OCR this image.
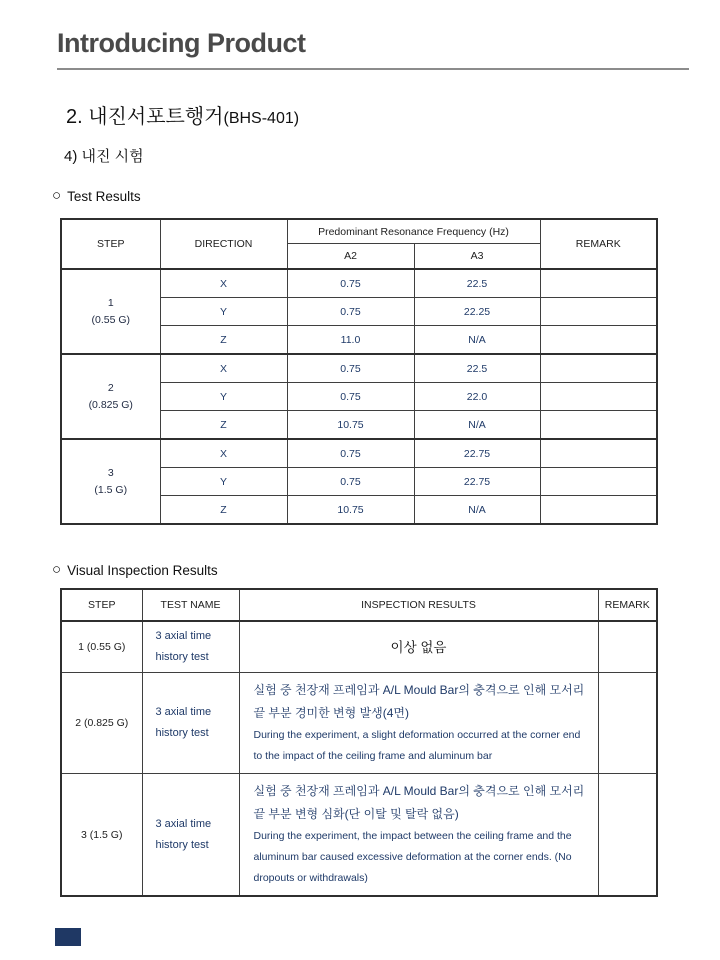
Introducing Product
2. 내진서포트행거(BHS-401)
4) 내진 시험
○ Test Results
STEP	DIRECTION	Predominant Resonance Frequency (Hz)		REMARK
		A2	A3	

1
(0.55 G)	X	0.75	22.5	
	Y	0.75	22.25	
	Z	11.0	N/A	

2
(0.825 G)	X	0.75	22.5	
	Y	0.75	22.0	
	Z	10.75	N/A	

3
(1.5 G)	X	0.75	22.75	
	Y	0.75	22.75	
	Z	10.75	N/A	
○ Visual Inspection Results
STEP	TEST NAME	INSPECTION RESULTS	REMARK
1 (0.55 G)	3 axial time history test	이상 없음	

2 (0.825 G)	3 axial time history test	실험 중 천장재 프레임과 A/L Mould Bar의 충격으로 인해 모서리 끝 부분 경미한 변형 발생(4면)
During the experiment, a slight deformation occurred at the corner end to the impact of the ceiling frame and aluminum bar	

3 (1.5 G)	3 axial time history test	실험 중 천장재 프레임과 A/L Mould Bar의 충격으로 인해 모서리 끝 부분 변형 심화(단 이탈 및 탈락 없음)
During the experiment, the impact between the ceiling frame and the aluminum bar caused excessive deformation at the corner ends. (No dropouts or withdrawals)	
